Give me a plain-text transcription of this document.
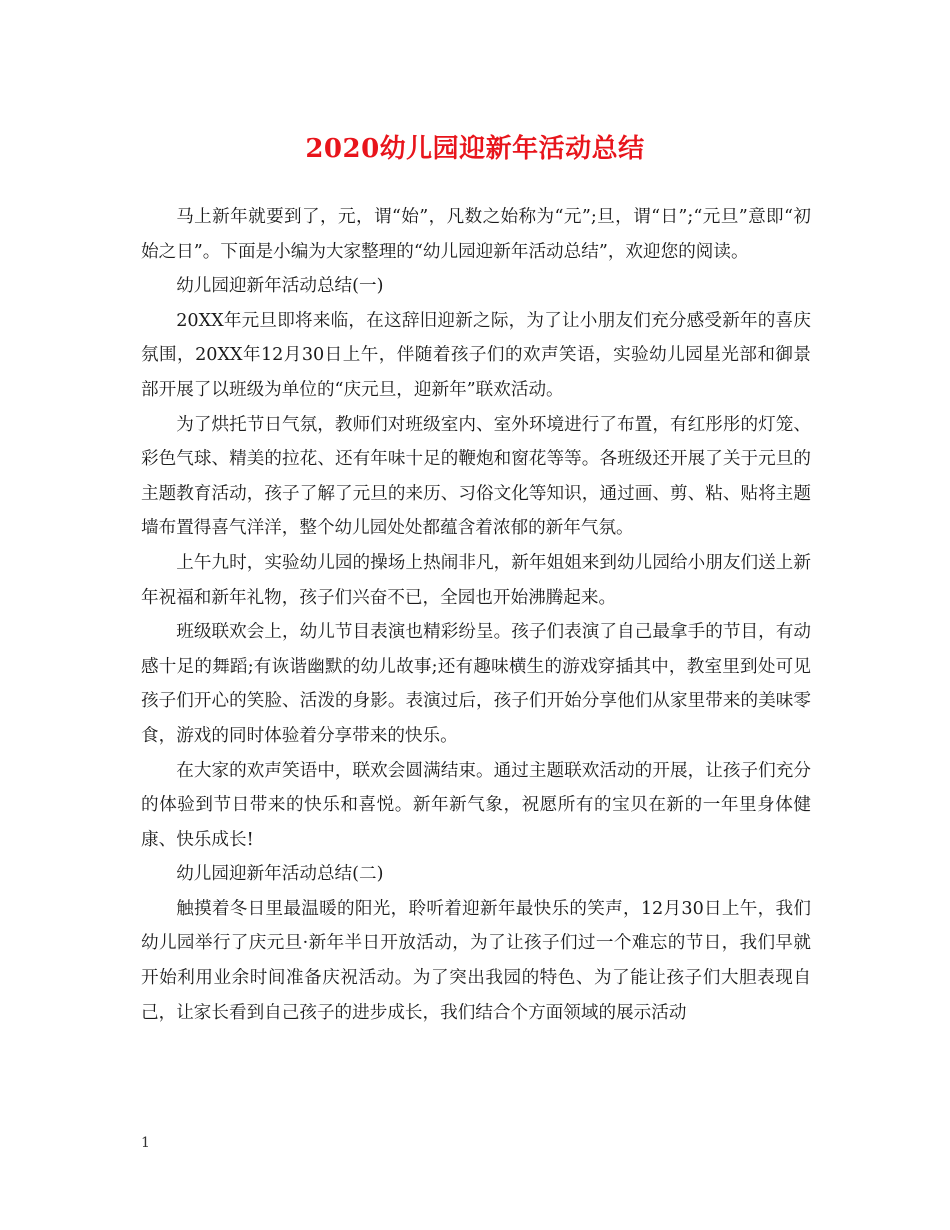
2020幼儿园迎新年活动总结

马上新年就要到了，元，谓“始”，凡数之始称为“元”;旦，谓“日”;“元旦”意即“初始之日”。下面是小编为大家整理的“幼儿园迎新年活动总结”，欢迎您的阅读。

幼儿园迎新年活动总结(一)

20XX年元旦即将来临，在这辞旧迎新之际，为了让小朋友们充分感受新年的喜庆氛围，20XX年12月30日上午，伴随着孩子们的欢声笑语，实验幼儿园星光部和御景部开展了以班级为单位的“庆元旦，迎新年”联欢活动。

为了烘托节日气氛，教师们对班级室内、室外环境进行了布置，有红彤彤的灯笼、彩色气球、精美的拉花、还有年味十足的鞭炮和窗花等等。各班级还开展了关于元旦的主题教育活动，孩子了解了元旦的来历、习俗文化等知识，通过画、剪、粘、贴将主题墙布置得喜气洋洋，整个幼儿园处处都蕴含着浓郁的新年气氛。

上午九时，实验幼儿园的操场上热闹非凡，新年姐姐来到幼儿园给小朋友们送上新年祝福和新年礼物，孩子们兴奋不已，全园也开始沸腾起来。

班级联欢会上，幼儿节目表演也精彩纷呈。孩子们表演了自己最拿手的节目，有动感十足的舞蹈;有诙谐幽默的幼儿故事;还有趣味横生的游戏穿插其中，教室里到处可见孩子们开心的笑脸、活泼的身影。表演过后，孩子们开始分享他们从家里带来的美味零食，游戏的同时体验着分享带来的快乐。

在大家的欢声笑语中，联欢会圆满结束。通过主题联欢活动的开展，让孩子们充分的体验到节日带来的快乐和喜悦。新年新气象，祝愿所有的宝贝在新的一年里身体健康、快乐成长!

幼儿园迎新年活动总结(二)

触摸着冬日里最温暖的阳光，聆听着迎新年最快乐的笑声，12月30日上午，我们幼儿园举行了庆元旦·新年半日开放活动，为了让孩子们过一个难忘的节日，我们早就开始利用业余时间准备庆祝活动。为了突出我园的特色、为了能让孩子们大胆表现自己，让家长看到自己孩子的进步成长，我们结合个方面领域的展示活动

1
